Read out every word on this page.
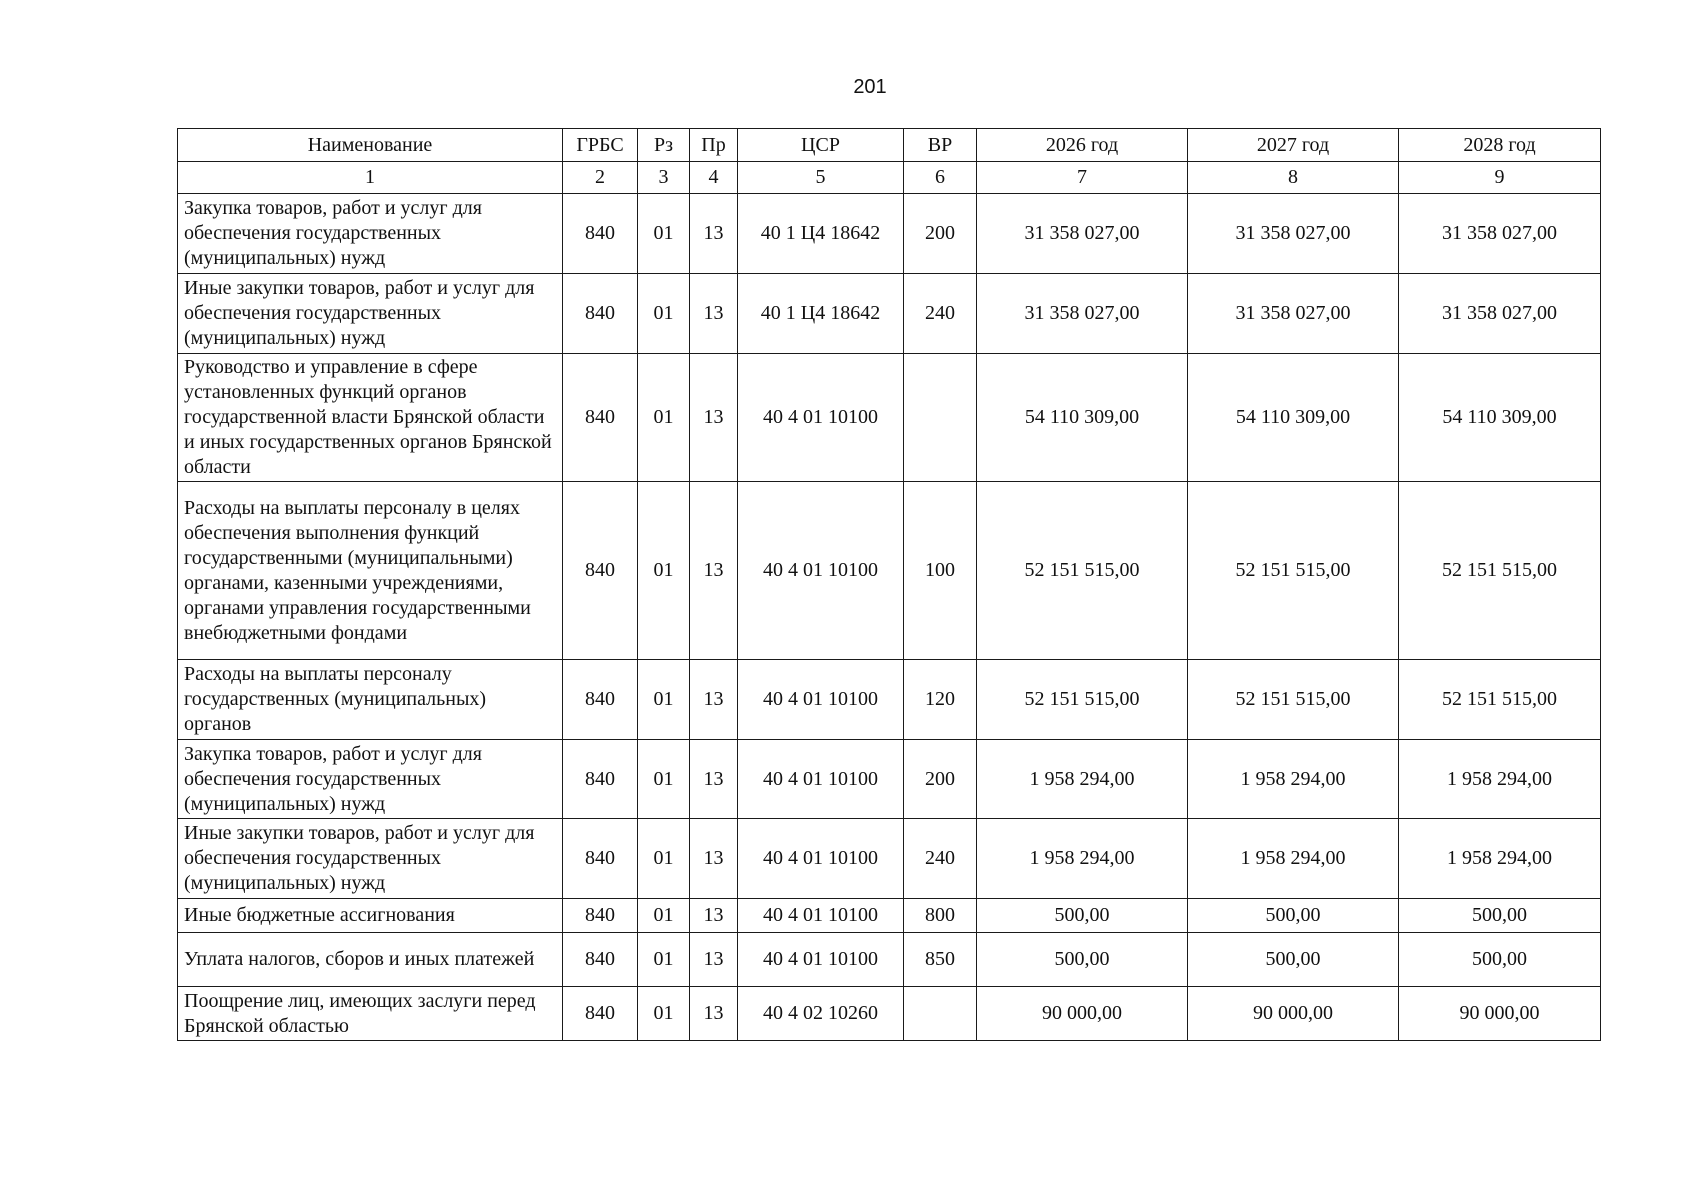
201
Наименование	ГРБС	Рз	Пр	ЦСР	ВР	2026 год	2027 год	2028 год
1	2	3	4	5	6	7	8	9
Закупка товаров, работ и услуг для обеспечения государственных (муниципальных) нужд	840	01	13	40 1 Ц4 18642	200	31 358 027,00	31 358 027,00	31 358 027,00
Иные закупки товаров, работ и услуг для обеспечения государственных (муниципальных) нужд	840	01	13	40 1 Ц4 18642	240	31 358 027,00	31 358 027,00	31 358 027,00
Руководство и управление в сфере установленных функций органов государственной власти Брянской области и иных государственных органов Брянской области	840	01	13	40 4 01 10100		54 110 309,00	54 110 309,00	54 110 309,00
Расходы на выплаты персоналу в целях обеспечения выполнения функций государственными (муниципальными) органами, казенными учреждениями, органами управления государственными внебюджетными фондами	840	01	13	40 4 01 10100	100	52 151 515,00	52 151 515,00	52 151 515,00
Расходы на выплаты персоналу государственных (муниципальных) органов	840	01	13	40 4 01 10100	120	52 151 515,00	52 151 515,00	52 151 515,00
Закупка товаров, работ и услуг для обеспечения государственных (муниципальных) нужд	840	01	13	40 4 01 10100	200	1 958 294,00	1 958 294,00	1 958 294,00
Иные закупки товаров, работ и услуг для обеспечения государственных (муниципальных) нужд	840	01	13	40 4 01 10100	240	1 958 294,00	1 958 294,00	1 958 294,00
Иные бюджетные ассигнования	840	01	13	40 4 01 10100	800	500,00	500,00	500,00
Уплата налогов, сборов и иных платежей	840	01	13	40 4 01 10100	850	500,00	500,00	500,00
Поощрение лиц, имеющих заслуги перед Брянской областью	840	01	13	40 4 02 10260		90 000,00	90 000,00	90 000,00
